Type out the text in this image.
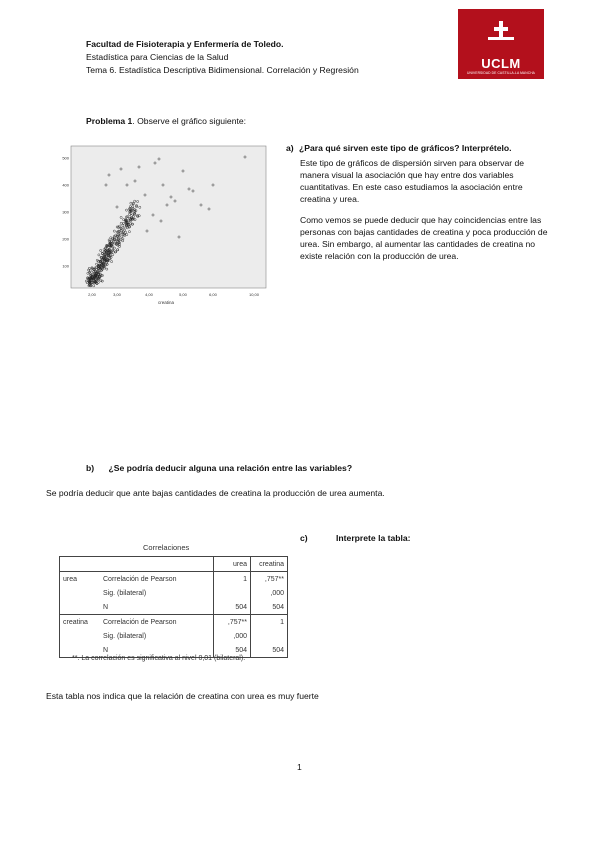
Facultad de Fisioterapia y Enfermería de Toledo.
Estadística para Ciencias de la Salud
Tema 6. Estadística Descriptiva Bidimensional. Correlación y Regresión	UCLM
UNIVERSIDAD DE CASTILLA-LA MANCHA
Problema 1. Observe el gráfico siguiente:
100
200
300
400
500
2,00	3,00	4,00	5,00	6,00	10,00
creatina
a) ¿Para qué sirven este tipo de gráficos? Interprételo.
Este tipo de gráficos de dispersión sirven para observar de manera visual la asociación que hay entre dos variables cuantitativas. En este caso estudiamos la asociación entre creatina y urea.
Como vemos se puede deducir que hay coincidencias entre las personas con bajas cantidades de creatina y poca producción de urea. Sin embargo, al aumentar las cantidades de creatina no existe relación con la producción de urea.
b) ¿Se podría deducir alguna una relación entre las variables?
Se podría deducir que ante bajas cantidades de creatina la producción de urea aumenta.
c)	Interprete la tabla:
Correlaciones
		urea	creatina
urea	Correlación de Pearson	1	,757**
	Sig. (bilateral)		,000
	N	504	504
creatina	Correlación de Pearson	,757**	1
	Sig. (bilateral)	,000	
	N	504	504
**. La correlación es significativa al nivel 0,01 (bilateral).
Esta tabla nos indica que la relación de creatina con urea es muy fuerte
1
